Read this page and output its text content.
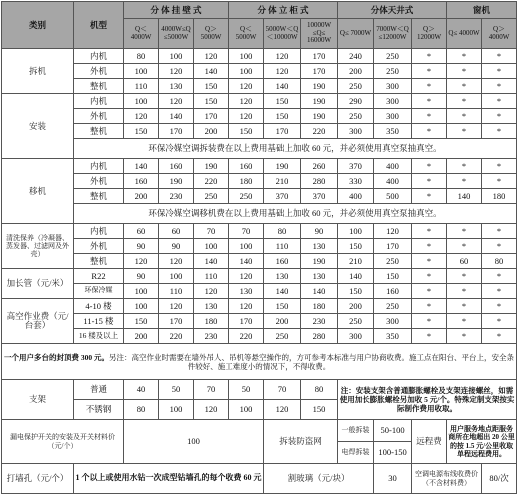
类别	机型	分 体 挂 壁 式			分 体 立 柜 式			分体天井式			窗机	
		Q＜4000W	4000W≤Q ≤5000W	Q＞5000W	Q＜5000W	5000W＜Q ＜10000W	10000W ≤Q≤ 16000W	Q≤ 7000W	7000W＜Q ≤12000W	Q＞12000W	Q≤ 4000W	Q＞ 4000W
拆机	内机	80	100	120	100	120	170	240	250	*	*	*
	外机	100	120	140	100	120	170	200	250	*	*	*
	整机	110	130	150	120	140	190	250	300	*	*	*
安装	内机	100	120	150	120	150	190	290	300	*	*	*
	外机	120	140	170	120	150	190	250	300	*	*	*
	整机	150	170	200	150	170	220	300	350	*	*	*
	环保冷媒空调拆装费在以上费用基础上加收 60 元，并必须使用真空泵抽真空。											
移机	内机	140	160	190	160	190	260	370	400	*	*	*
	外机	160	190	220	180	210	280	330	400	*	*	*
	整机	200	230	250	250	370	370	400	500	*	140	180
	环保冷媒空调移机费在以上费用基础上加收 60 元，并必须使用真空泵抽真空。											
清洗保养（冷凝器、蒸发器、过滤网及外壳）	内机	60	60	70	70	80	90	100	120	*	*	*
	外机	90	90	100	100	110	130	150	170	*	*	*
	整机	120	120	140	140	160	190	210	250	*	60	80
加长管（元/米）	R22	90	100	110	120	130	130	140	150	*	*	*
	环保冷媒	100	110	120	130	140	140	150	160	*	*	*
高空作业费（元/台套）	4-10 楼	100	120	130	120	150	180	200	250	*	*	*
	11-15 楼	150	170	180	170	200	230	250	300	*	*	*
	16 楼及以上	200	220	230	220	250	280	300	350	*	*	*
一个用户多台的封顶费 300 元。另注：高空作业时需要在墙外吊人、吊机等悬空操作的，方可参考本标准与用户协商收费。施工点在阳台、平台上，安全条件较好、施工难度小的情况下，不得收费。												
支架	普通	40	50	70	50	70	80	注：安装支架含普通膨胀螺栓及支架连接螺丝，如需使用加长膨胀螺栓另加收 5 元/个。特殊定制支架按实际制作费用收取。				
	不锈钢	80	100	120	100	120	150					
漏电保护开关的安装及开关材料价（元/个）		100				拆装防盗网		一般拆装	50-100	远程费	用户服务地点距服务商所在地超出 20 公里的按 1.5 元/公里收取单程远程费用。	
								电焊拆装	100-150			
打墙孔（元/个）	1 个以上或使用水钻一次成型钻墙孔的每个收费 60 元					割玻璃（元/块）			30	空调电源布线收费价（不含材料费）		80/次
